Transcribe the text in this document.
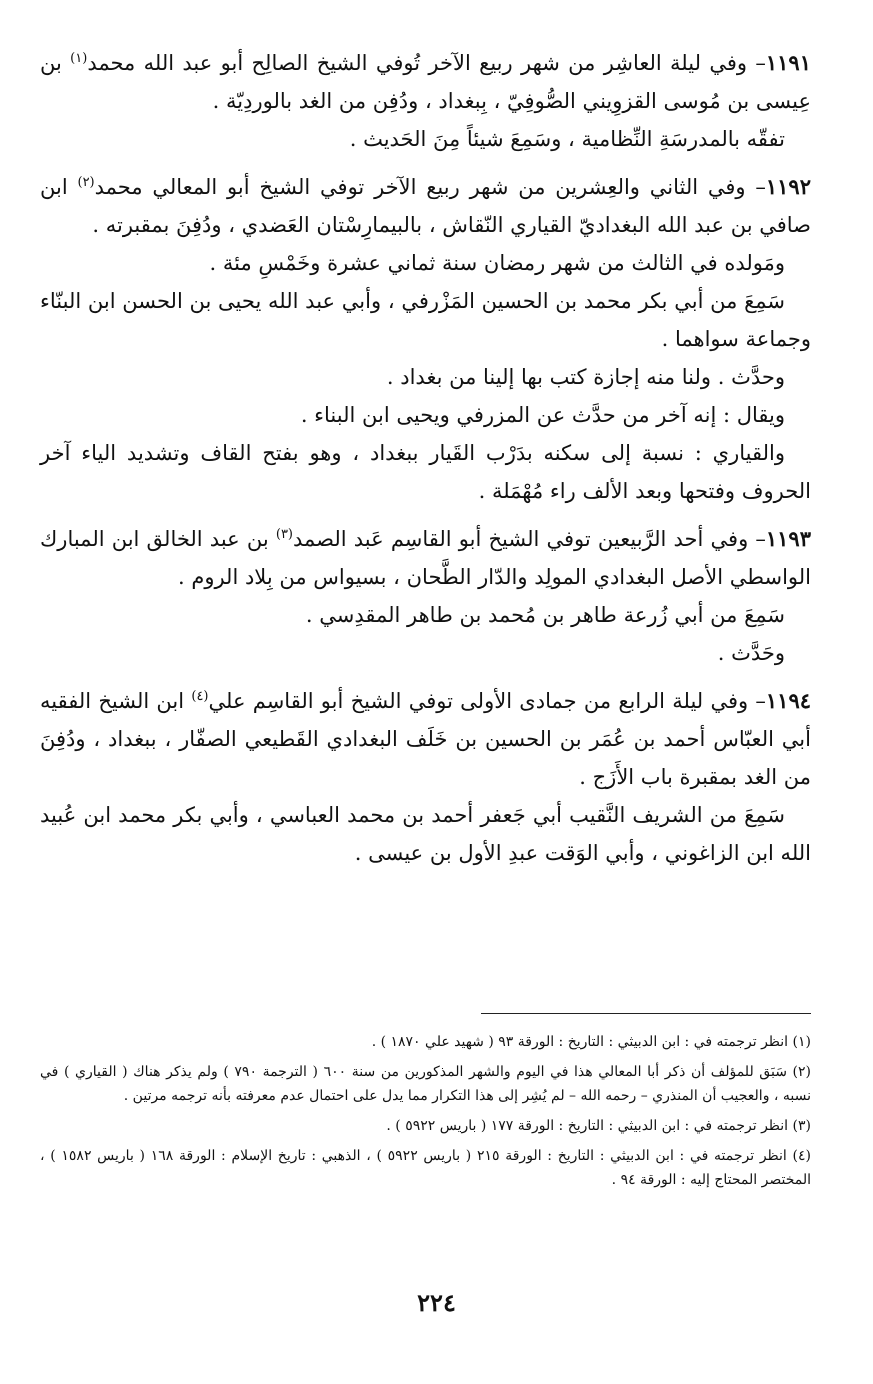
١١٩١– وفي ليلة العاشِر من شهر ربيع الآخر تُوفي الشيخ الصالِح أبو عبد الله محمد$^{(١)}$ بن عِيسى بن مُوسى القزوِيني الصُّوفِيّ ، بِبغداد ، ودُفِن من الغد بالوردِيّة .

تفقّه بالمدرسَةِ النِّظامية ، وسَمِعَ شيئاً مِنَ الحَديث .

١١٩٢– وفي الثاني والعِشرين من شهر ربيع الآخر توفي الشيخ أبو المعالي محمد$^{(٢)}$ ابن صافي بن عبد الله البغداديّ القياري النّقاش ، بالبيمارِسْتان العَضدي ، ودُفِنَ بمقبرته .

ومَولده في الثالث من شهر رمضان سنة ثماني عشرة وخَمْسِ مئة .

سَمِعَ من أبي بكر محمد بن الحسين المَزْرفي ، وأبي عبد الله يحيى بن الحسن ابن البنّاء وجماعة سواهما .

وحدَّث . ولنا منه إجازة كتب بها إلينا من بغداد .

ويقال : إنه آخر من حدَّث عن المزرفي ويحيى ابن البناء .

والقياري : نسبة إلى سكنه بدَرْب القَيار ببغداد ، وهو بفتح القاف وتشديد الياء آخر الحروف وفتحها وبعد الألف راء مُهْمَلة .

١١٩٣– وفي أحد الرَّبيعين توفي الشيخ أبو القاسِم عَبد الصمد$^{(٣)}$ بن عبد الخالق ابن المبارك الواسطي الأصل البغدادي المولِد والدّار الطَّحان ، بسيواس من بِلاد الروم .

سَمِعَ من أبي زُرعة طاهر بن مُحمد بن طاهر المقدِسي .

وحَدَّث .

١١٩٤– وفي ليلة الرابع من جمادى الأولى توفي الشيخ أبو القاسِم علي$^{(٤)}$ ابن الشيخ الفقيه أبي العبّاس أحمد بن عُمَر بن الحسين بن خَلَف البغدادي القَطيعي الصفّار ، ببغداد ، ودُفِنَ من الغد بمقبرة باب الأَزَج .

سَمِعَ من الشريف النَّقيب أبي جَعفر أحمد بن محمد العباسي ، وأبي بكر محمد ابن عُبيد الله ابن الزاغوني ، وأبي الوَقت عبدِ الأول بن عيسى .

(١) انظر ترجمته في : ابن الدبيثي : التاريخ : الورقة ٩٣ ( شهيد علي ١٨٧٠ ) .

(٢) سَبَق للمؤلف أن ذكر أبا المعالي هذا في اليوم والشهر المذكورين من سنة ٦٠٠ ( الترجمة ٧٩٠ ) ولم يذكر هناك ( القياري ) في نسبه ، والعجيب أن المنذري – رحمه الله – لم يُشِر إلى هذا التكرار مما يدل على احتمال عدم معرفته بأنه ترجمه مرتين .

(٣) انظر ترجمته في : ابن الدبيثي : التاريخ : الورقة ١٧٧ ( باريس ٥٩٢٢ ) .

(٤) انظر ترجمته في : ابن الدبيثي : التاريخ : الورقة ٢١٥ ( باريس ٥٩٢٢ ) ، الذهبي : تاريخ الإسلام : الورقة ١٦٨ ( باريس ١٥٨٢ ) ، المختصر المحتاج إليه : الورقة ٩٤ .

٢٢٤
